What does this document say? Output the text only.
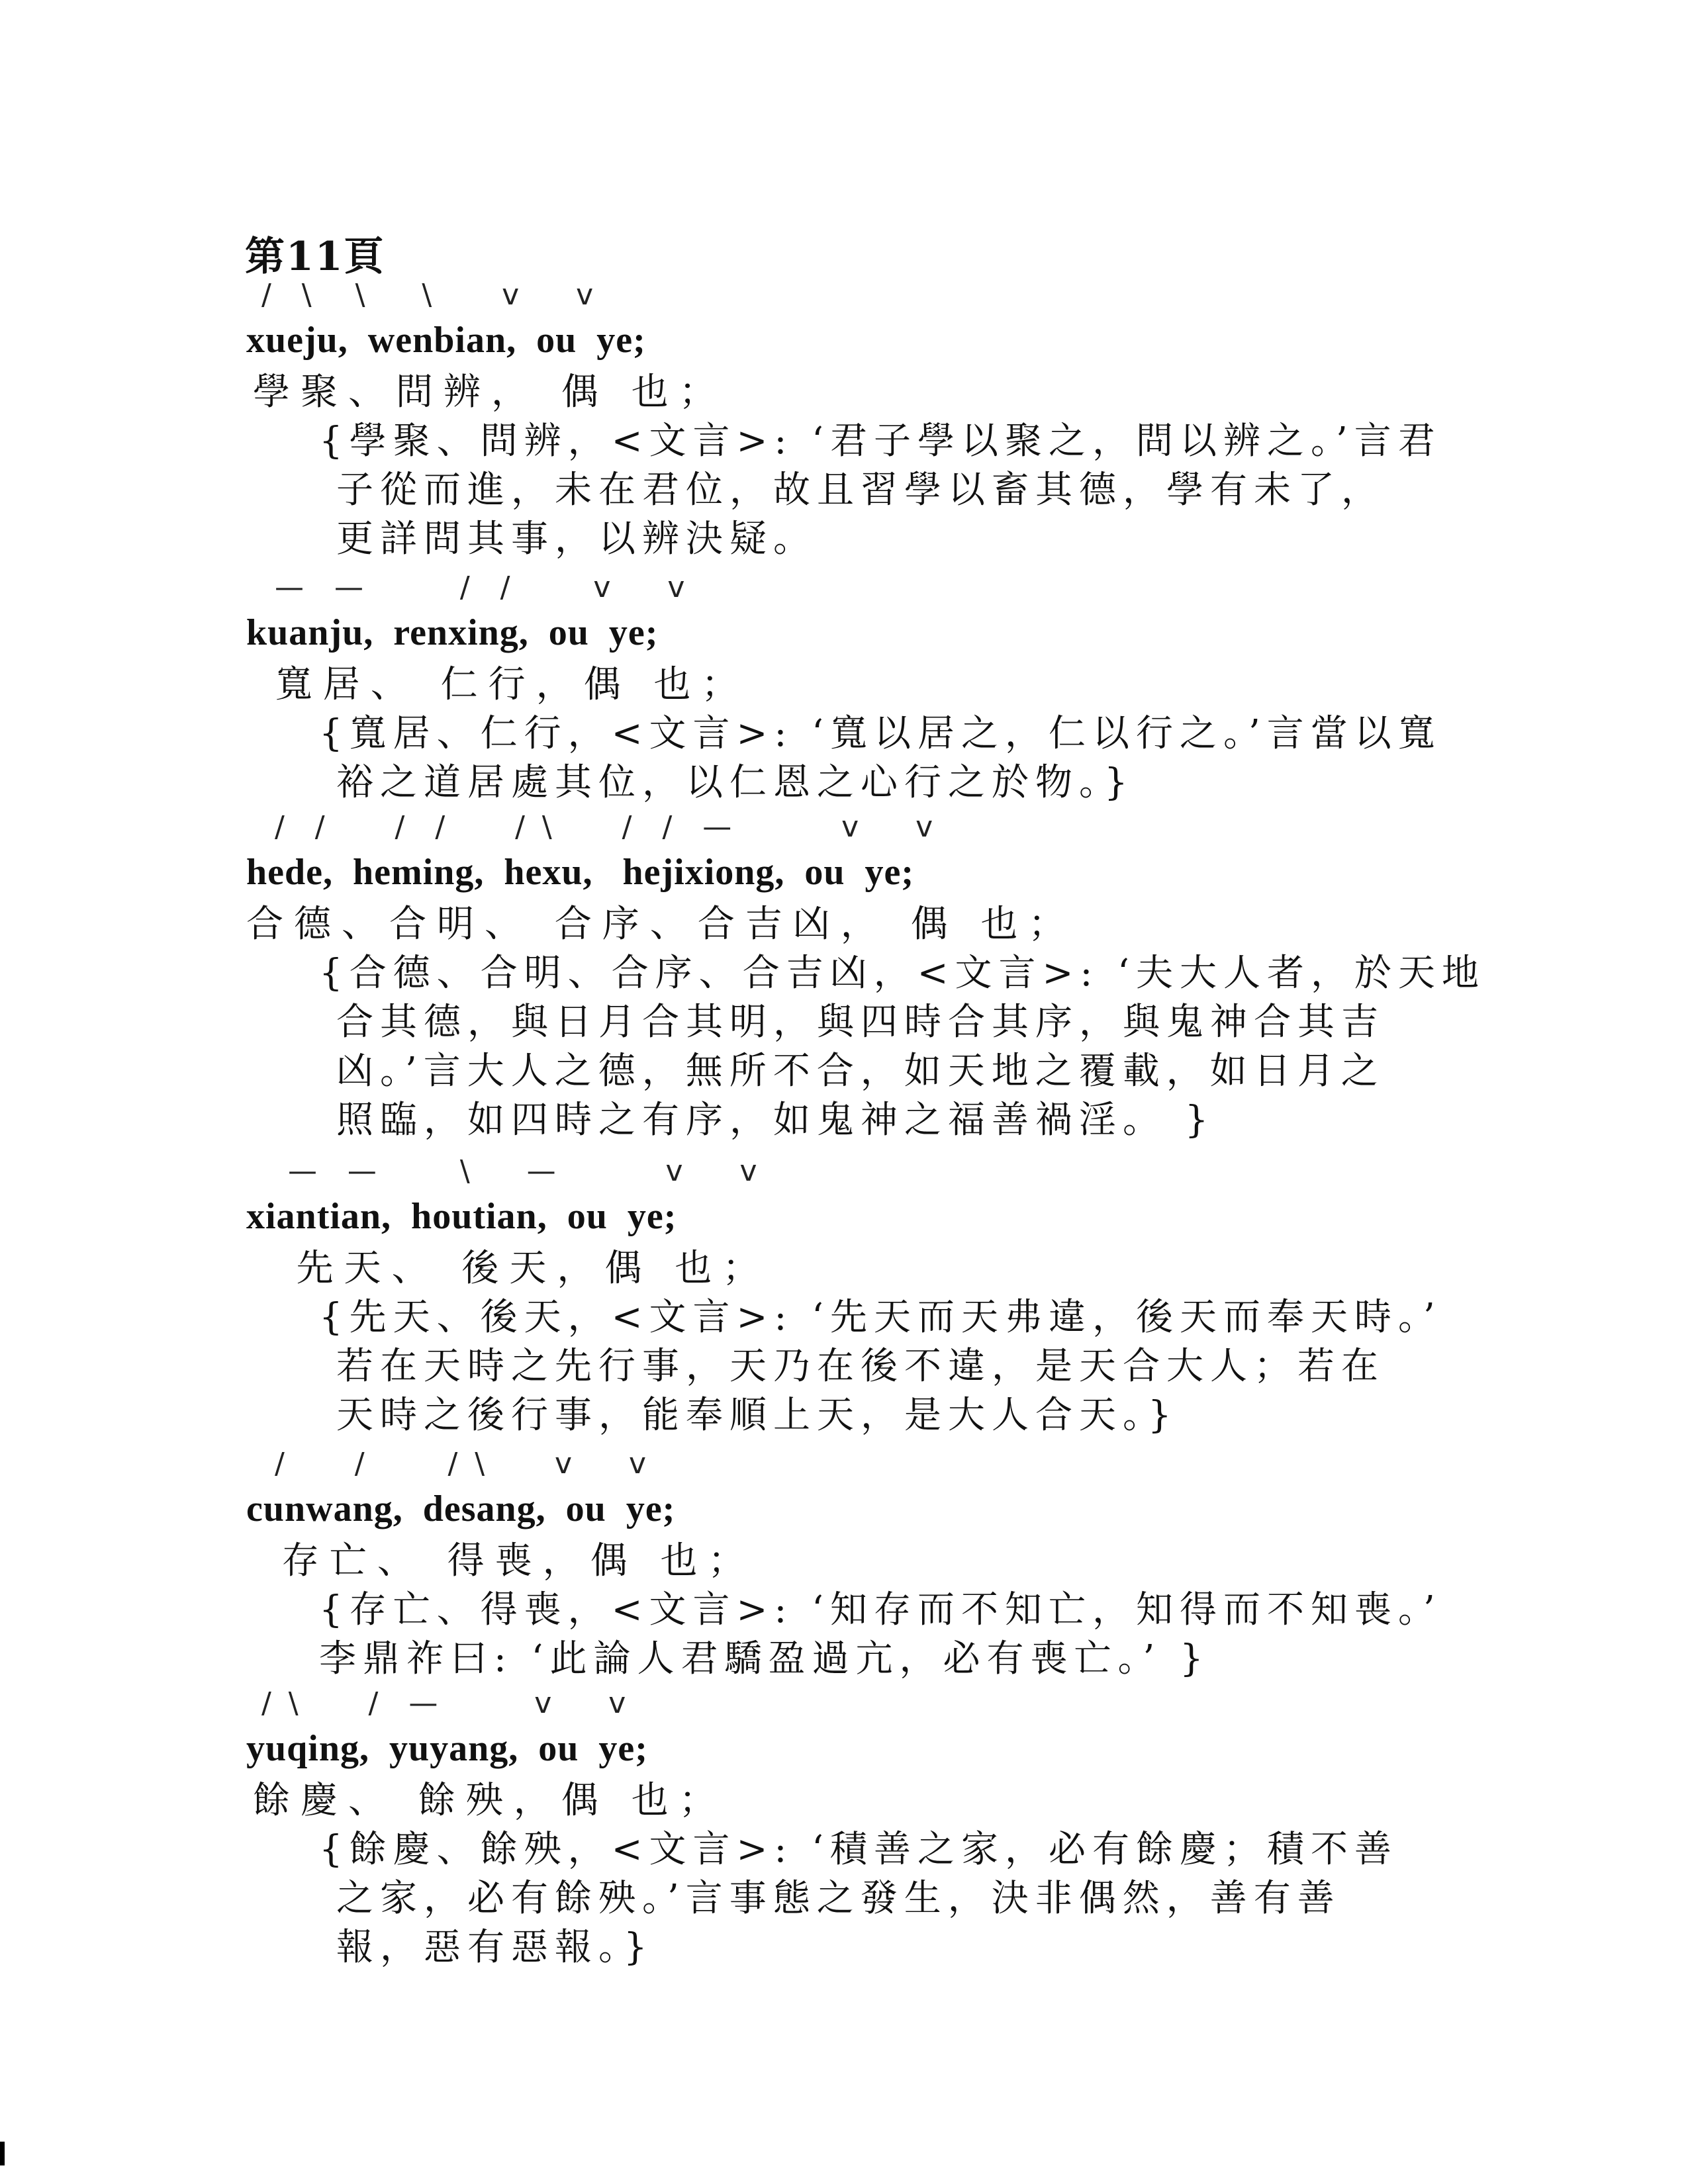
第11頁
/  \   \    \     v    v
xueju,  wenbian,  ou  ye;
學聚、問辨， 偶 也；
{學聚、問辨，<文言>: ‘君子學以聚之，問以辨之。’言君
子從而進，未在君位，故且習學以畜其德，學有未了，
更詳問其事，以辨決疑。
—  —       /  /      v    v
kuanju,  renxing,  ou  ye;
寬居、 仁行，偶 也；
{寬居、仁行，<文言>: ‘寬以居之，仁以行之。’言當以寬
裕之道居處其位，以仁恩之心行之於物。}
/  /     /  /     / \     /  /  —        v    v
hede,  heming,  hexu,   hejixiong,  ou  ye;
合德、合明、 合序、合吉凶， 偶 也；
{合德、合明、合序、合吉凶，<文言>: ‘夫大人者，於天地
合其德，與日月合其明，與四時合其序，與鬼神合其吉
凶。’言大人之德，無所不合，如天地之覆載，如日月之
照臨，如四時之有序，如鬼神之福善禍淫。 }
—  —      \    —        v    v
xiantian,  houtian,  ou  ye;
先天、 後天，偶 也；
{先天、後天，<文言>: ‘先天而天弗違，後天而奉天時。’
若在天時之先行事，天乃在後不違，是天合大人；若在
天時之後行事，能奉順上天，是大人合天。}
/     /      / \     v    v
cunwang,  desang,  ou  ye;
存亡、 得喪，偶 也；
{存亡、得喪，<文言>: ‘知存而不知亡，知得而不知喪。’
李鼎祚曰: ‘此論人君驕盈過亢，必有喪亡。’ }
/ \     /  —       v    v
yuqing,  yuyang,  ou  ye;
餘慶、 餘殃，偶 也；
{餘慶、餘殃，<文言>: ‘積善之家，必有餘慶；積不善
之家，必有餘殃。’言事態之發生，決非偶然，善有善
報，惡有惡報。}
